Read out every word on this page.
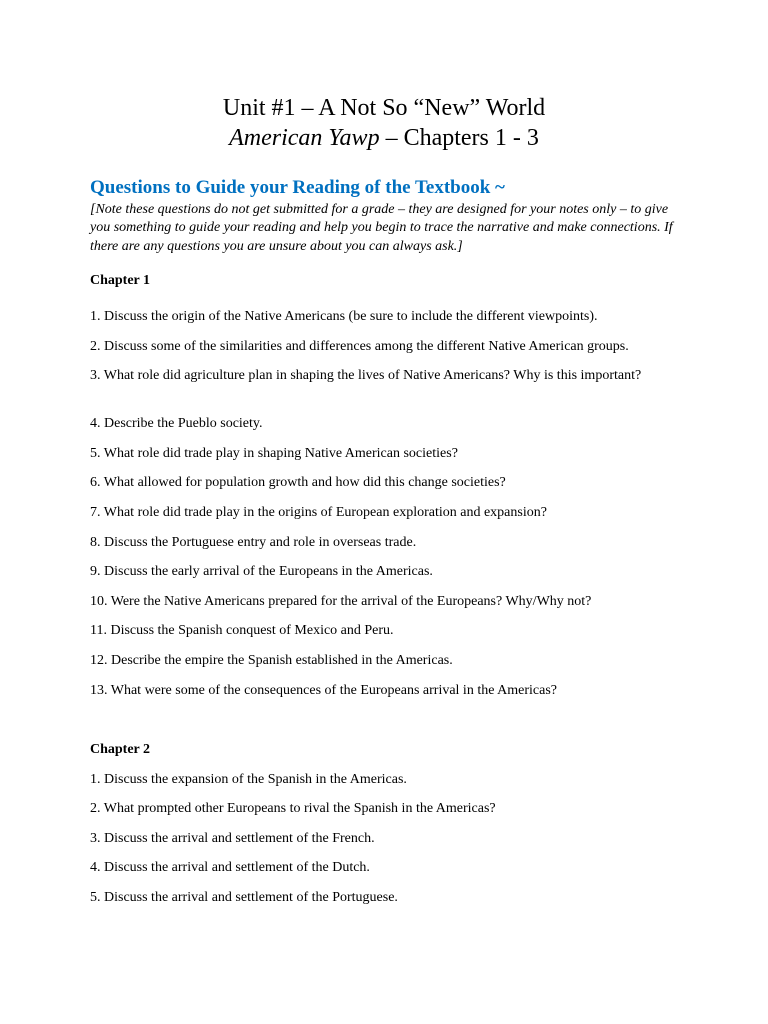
Unit #1 – A Not So “New” World
American Yawp – Chapters 1 - 3
Questions to Guide your Reading of the Textbook ~
[Note these questions do not get submitted for a grade – they are designed for your notes only – to give you something to guide your reading and help you begin to trace the narrative and make connections. If there are any questions you are unsure about you can always ask.]
Chapter 1
1. Discuss the origin of the Native Americans (be sure to include the different viewpoints).
2. Discuss some of the similarities and differences among the different Native American groups.
3. What role did agriculture plan in shaping the lives of Native Americans? Why is this important?
4. Describe the Pueblo society.
5. What role did trade play in shaping Native American societies?
6. What allowed for population growth and how did this change societies?
7. What role did trade play in the origins of European exploration and expansion?
8. Discuss the Portuguese entry and role in overseas trade.
9. Discuss the early arrival of the Europeans in the Americas.
10. Were the Native Americans prepared for the arrival of the Europeans? Why/Why not?
11. Discuss the Spanish conquest of Mexico and Peru.
12. Describe the empire the Spanish established in the Americas.
13. What were some of the consequences of the Europeans arrival in the Americas?
Chapter 2
1. Discuss the expansion of the Spanish in the Americas.
2. What prompted other Europeans to rival the Spanish in the Americas?
3. Discuss the arrival and settlement of the French.
4. Discuss the arrival and settlement of the Dutch.
5. Discuss the arrival and settlement of the Portuguese.
